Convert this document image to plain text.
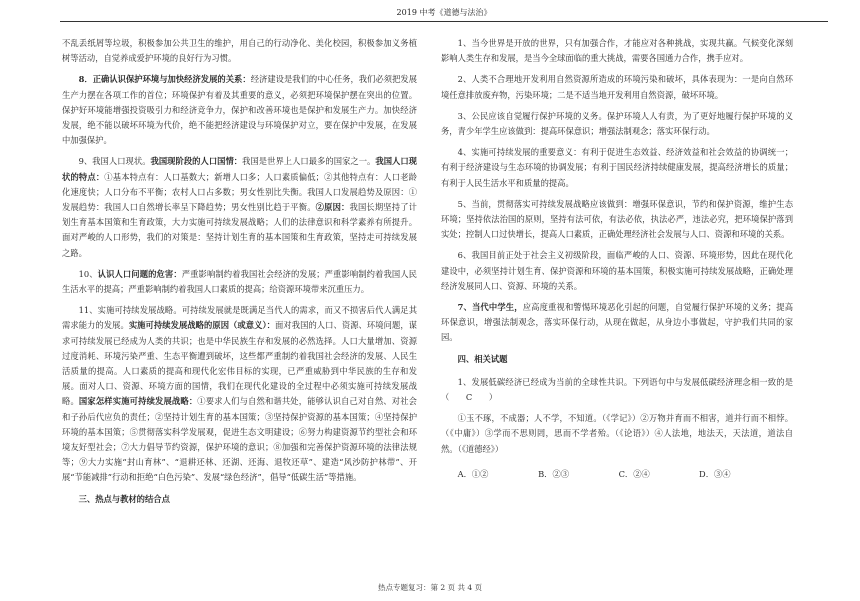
2019 中考《道德与法治》

不乱丢纸屑等垃圾，积极参加公共卫生的维护，用自己的行动净化、美化校园，积极参加义务植树等活动，自觉养成爱护环境的良好行为习惯。

8．正确认识保护环境与加快经济发展的关系：经济建设是我们的中心任务，我们必须把发展生产力摆在各项工作的首位；环境保护有着及其重要的意义，必须把环境保护摆在突出的位置。保护好环境能增强投资吸引力和经济竞争力，保护和改善环境也是保护和发展生产力。加快经济发展，绝不能以破坏环境为代价，绝不能把经济建设与环境保护对立，要在保护中发展，在发展中加强保护。

9、我国人口现状。我国现阶段的人口国情：我国是世界上人口最多的国家之一。我国人口现状的特点：①基本特点有：人口基数大；新增人口多；人口素质偏低；②其他特点有：人口老龄化速度快；人口分布不平衡；农村人口占多数；男女性别比失衡。我国人口发展趋势及原因：①发展趋势：我国人口自然增长率呈下降趋势；男女性别比趋于平衡。②原因：我国长期坚持了计划生育基本国策和生育政策，大力实施可持续发展战略；人们的法律意识和科学素养有所提升。面对严峻的人口形势，我们的对策是：坚持计划生育的基本国策和生育政策，坚持走可持续发展之路。

10、认识人口问题的危害：严重影响制约着我国社会经济的发展；严重影响制约着我国人民生活水平的提高；严重影响制约着我国人口素质的提高；给资源环境带来沉重压力。

11、实施可持续发展战略。可持续发展就是既满足当代人的需求，而又不损害后代人满足其需求能力的发展。实施可持续发展战略的原因（或意义）：面对我国的人口、资源、环境问题，谋求可持续发展已经成为人类的共识；也是中华民族生存和发展的必然选择。人口大量增加、资源过度消耗、环境污染严重、生态平衡遭到破坏，这些都严重制约着我国社会经济的发展、人民生活质量的提高。人口素质的提高和现代化宏伟目标的实现，已严重威胁到中华民族的生存和发展。面对人口、资源、环境方面的国情，我们在现代化建设的全过程中必须实施可持续发展战略。国家怎样实施可持续发展战略：①要求人们与自然和谐共处，能够认识自己对自然、对社会和子孙后代应负的责任；②坚持计划生育的基本国策；③坚持保护资源的基本国策；④坚持保护环境的基本国策；⑤贯彻落实科学发展观，促进生态文明建设；⑥努力构建资源节约型社会和环境友好型社会；⑦大力倡导节约资源，保护环境的意识；⑧加强和完善保护资源环境的法律法规等；⑨大力实施“封山育林”、“退耕还林、还湖、还海、退牧还草”、建造“风沙防护林带”、开展“节能减排”行动和拒绝“白色污染”、发展“绿色经济”，倡导“低碳生活”等措施。

三、热点与教材的结合点

1、当今世界是开放的世界，只有加强合作，才能应对各种挑战，实现共赢。气候变化深刻影响人类生存和发展，是当今全球面临的重大挑战，需要各国通力合作，携手应对。

2、人类不合理地开发利用自然资源所造成的环境污染和破坏，具体表现为：一是向自然环境任意排放废弃物，污染环境；二是不适当地开发利用自然资源，破坏环境。

3、公民应该自觉履行保护环境的义务。保护环境人人有责，为了更好地履行保护环境的义务，青少年学生应该做到：提高环保意识；增强法制观念；落实环保行动。

4、实施可持续发展的重要意义：有利于促进生态效益、经济效益和社会效益的协调统一；有利于经济建设与生态环境的协调发展；有利于国民经济持续健康发展，提高经济增长的质量；有利于人民生活水平和质量的提高。

5、当前，贯彻落实可持续发展战略应该做到：增强环保意识，节约和保护资源，维护生态环境；坚持依法治国的原则，坚持有法可依，有法必依，执法必严，违法必究，把环境保护落到实处；控制人口过快增长，提高人口素质，正确处理经济社会发展与人口、资源和环境的关系。

6、我国目前正处于社会主义初级阶段，面临严峻的人口、资源、环境形势，因此在现代化建设中，必须坚持计划生育、保护资源和环境的基本国策，积极实施可持续发展战略，正确处理经济发展同人口、资源、环境的关系。

7、当代中学生，应高度重视和警惕环境恶化引起的问题，自觉履行保护环境的义务；提高环保意识，增强法制观念，落实环保行动，从现在做起，从身边小事做起，守护我们共同的家园。

四、相关试题

1、发展低碳经济已经成为当前的全球性共识。下列语句中与发展低碳经济理念相一致的是　（　　C　　）

①玉不琢，不成器；人不学，不知道。（《学记》）②万物并育而不相害，道并行而不相悖。（《中庸》）③学而不思则罔，思而不学者殆。（《论语》）④人法地，地法天，天法道，道法自然。（《道德经》）

A．①②	B．②③	C．②④	D．③④
热点专题复习：第 2 页 共 4 页
